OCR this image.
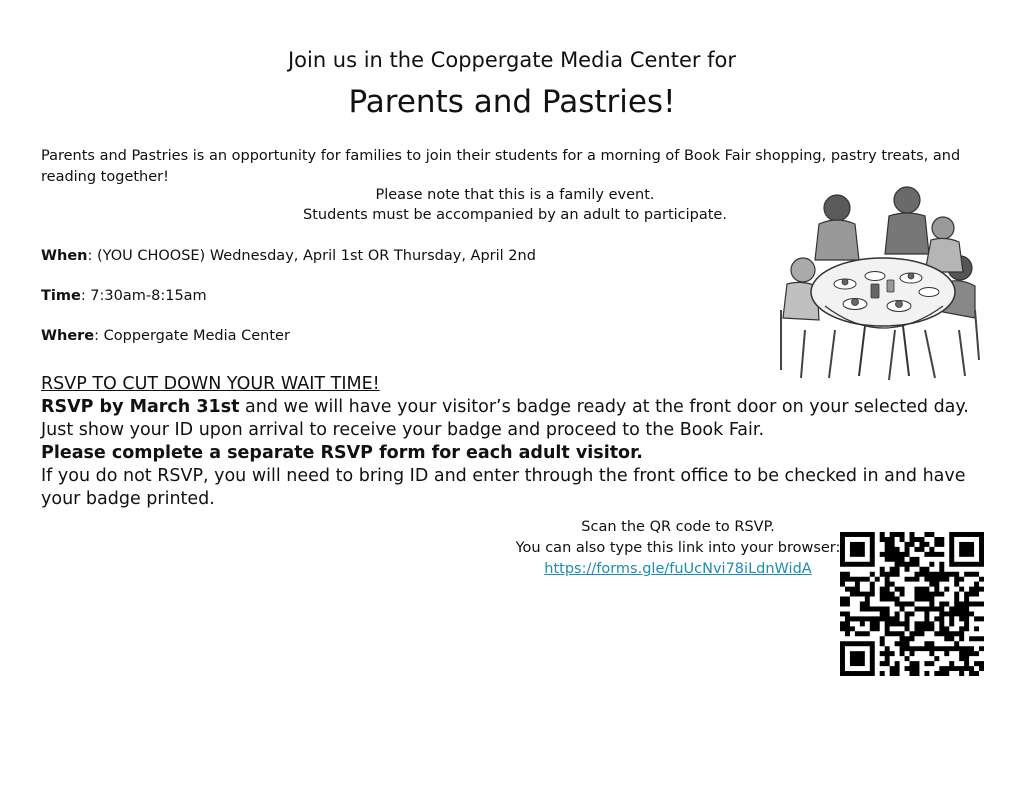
Join us in the Coppergate Media Center for
Parents and Pastries!
Parents and Pastries is an opportunity for families to join their students for a morning of Book Fair shopping, pastry treats, and reading together!
Please note that this is a family event.
Students must be accompanied by an adult to participate.
When: (YOU CHOOSE) Wednesday, April 1st OR Thursday, April 2nd
Time: 7:30am-8:15am
Where: Coppergate Media Center
RSVP TO CUT DOWN YOUR WAIT TIME!

RSVP by March 31st and we will have your visitor’s badge ready at the front door on your selected day. Just show your ID upon arrival to receive your badge and proceed to the Book Fair.

Please complete a separate RSVP form for each adult visitor.

If you do not RSVP, you will need to bring ID and enter through the front office to be checked in and have your badge printed.

Scan the QR code to RSVP.
You can also type this link into your browser:
https://forms.gle/fuUcNvi78iLdnWidA
